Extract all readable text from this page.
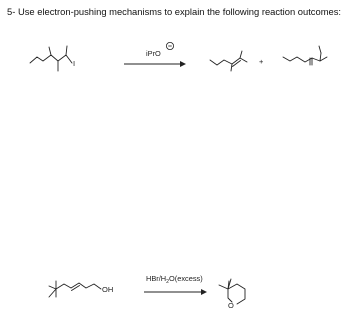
5- Use electron-pushing mechanisms to explain the following reaction outcomes:
I
iPrO
+
OH
HBr/$H_2O(excess)$
O
